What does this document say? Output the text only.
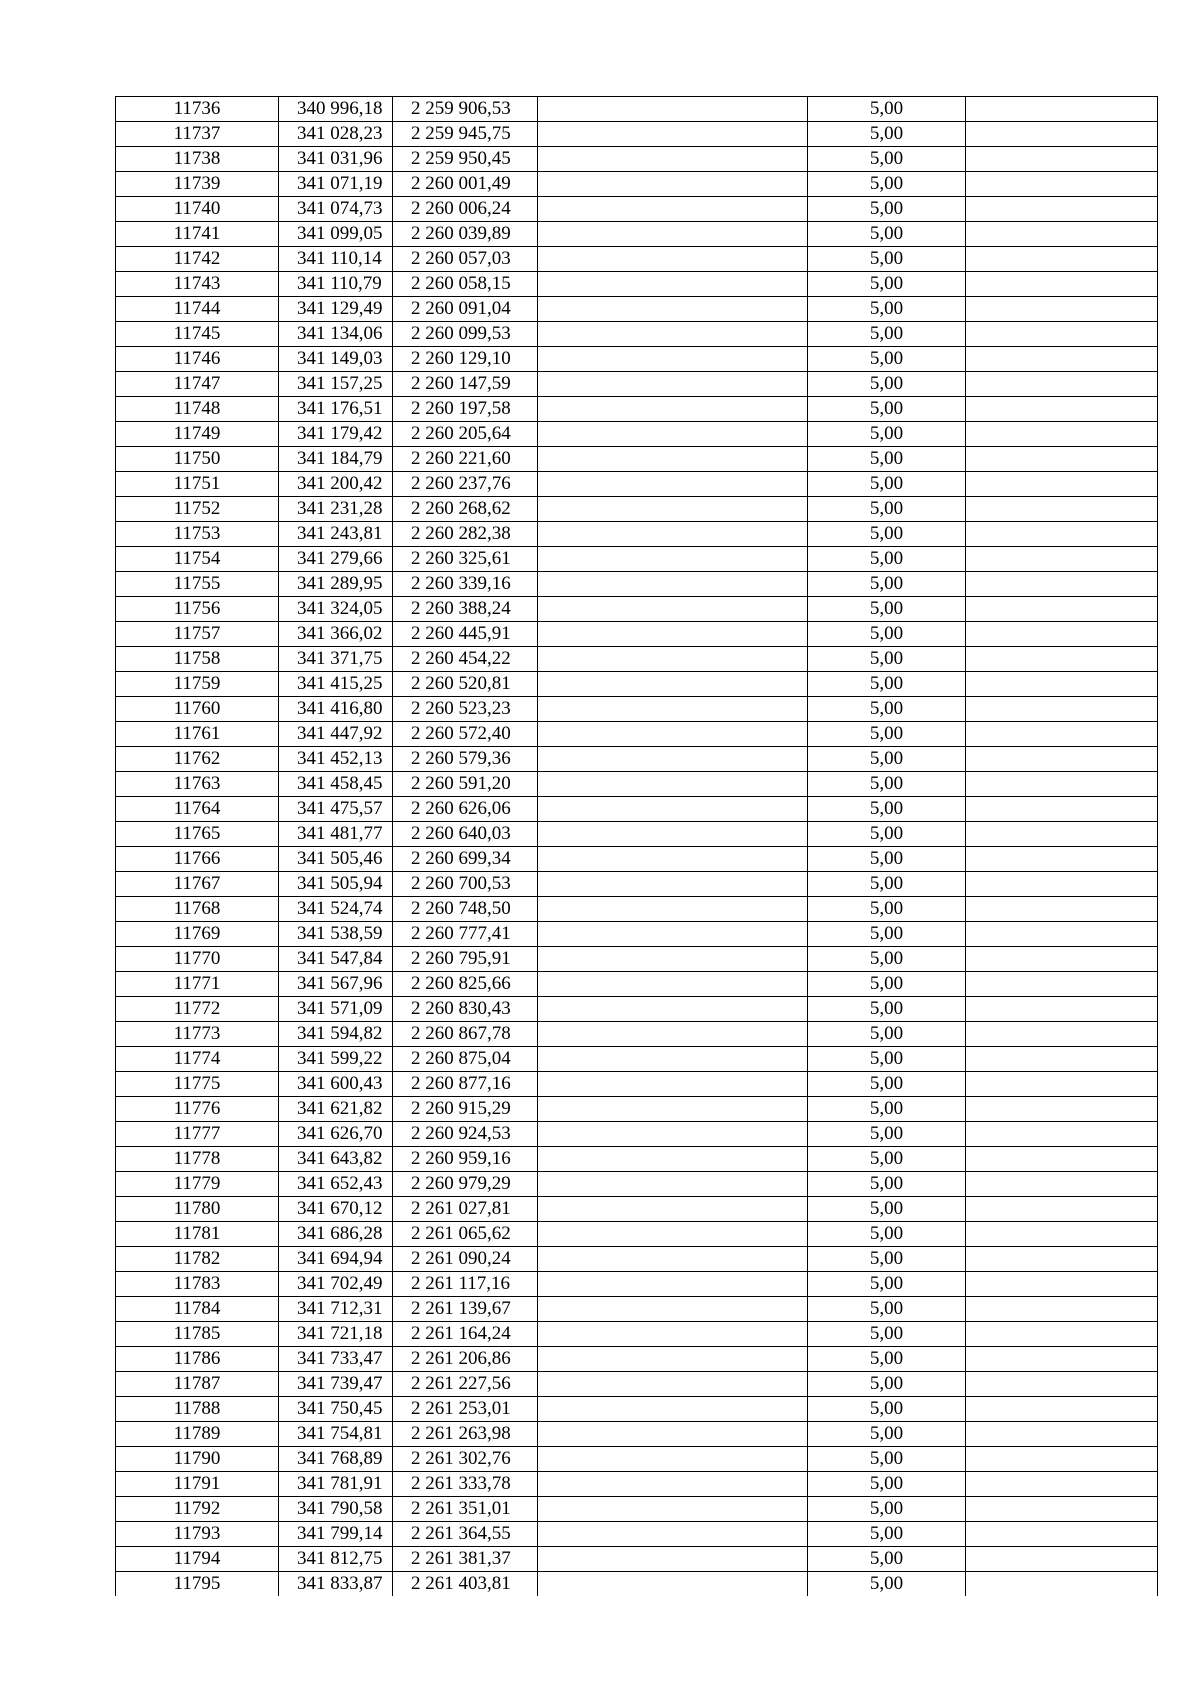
11736	340 996,18	2 259 906,53		5,00	
11737	341 028,23	2 259 945,75		5,00	
11738	341 031,96	2 259 950,45		5,00	
11739	341 071,19	2 260 001,49		5,00	
11740	341 074,73	2 260 006,24		5,00	
11741	341 099,05	2 260 039,89		5,00	
11742	341 110,14	2 260 057,03		5,00	
11743	341 110,79	2 260 058,15		5,00	
11744	341 129,49	2 260 091,04		5,00	
11745	341 134,06	2 260 099,53		5,00	
11746	341 149,03	2 260 129,10		5,00	
11747	341 157,25	2 260 147,59		5,00	
11748	341 176,51	2 260 197,58		5,00	
11749	341 179,42	2 260 205,64		5,00	
11750	341 184,79	2 260 221,60		5,00	
11751	341 200,42	2 260 237,76		5,00	
11752	341 231,28	2 260 268,62		5,00	
11753	341 243,81	2 260 282,38		5,00	
11754	341 279,66	2 260 325,61		5,00	
11755	341 289,95	2 260 339,16		5,00	
11756	341 324,05	2 260 388,24		5,00	
11757	341 366,02	2 260 445,91		5,00	
11758	341 371,75	2 260 454,22		5,00	
11759	341 415,25	2 260 520,81		5,00	
11760	341 416,80	2 260 523,23		5,00	
11761	341 447,92	2 260 572,40		5,00	
11762	341 452,13	2 260 579,36		5,00	
11763	341 458,45	2 260 591,20		5,00	
11764	341 475,57	2 260 626,06		5,00	
11765	341 481,77	2 260 640,03		5,00	
11766	341 505,46	2 260 699,34		5,00	
11767	341 505,94	2 260 700,53		5,00	
11768	341 524,74	2 260 748,50		5,00	
11769	341 538,59	2 260 777,41		5,00	
11770	341 547,84	2 260 795,91		5,00	
11771	341 567,96	2 260 825,66		5,00	
11772	341 571,09	2 260 830,43		5,00	
11773	341 594,82	2 260 867,78		5,00	
11774	341 599,22	2 260 875,04		5,00	
11775	341 600,43	2 260 877,16		5,00	
11776	341 621,82	2 260 915,29		5,00	
11777	341 626,70	2 260 924,53		5,00	
11778	341 643,82	2 260 959,16		5,00	
11779	341 652,43	2 260 979,29		5,00	
11780	341 670,12	2 261 027,81		5,00	
11781	341 686,28	2 261 065,62		5,00	
11782	341 694,94	2 261 090,24		5,00	
11783	341 702,49	2 261 117,16		5,00	
11784	341 712,31	2 261 139,67		5,00	
11785	341 721,18	2 261 164,24		5,00	
11786	341 733,47	2 261 206,86		5,00	
11787	341 739,47	2 261 227,56		5,00	
11788	341 750,45	2 261 253,01		5,00	
11789	341 754,81	2 261 263,98		5,00	
11790	341 768,89	2 261 302,76		5,00	
11791	341 781,91	2 261 333,78		5,00	
11792	341 790,58	2 261 351,01		5,00	
11793	341 799,14	2 261 364,55		5,00	
11794	341 812,75	2 261 381,37		5,00	
11795	341 833,87	2 261 403,81		5,00	
